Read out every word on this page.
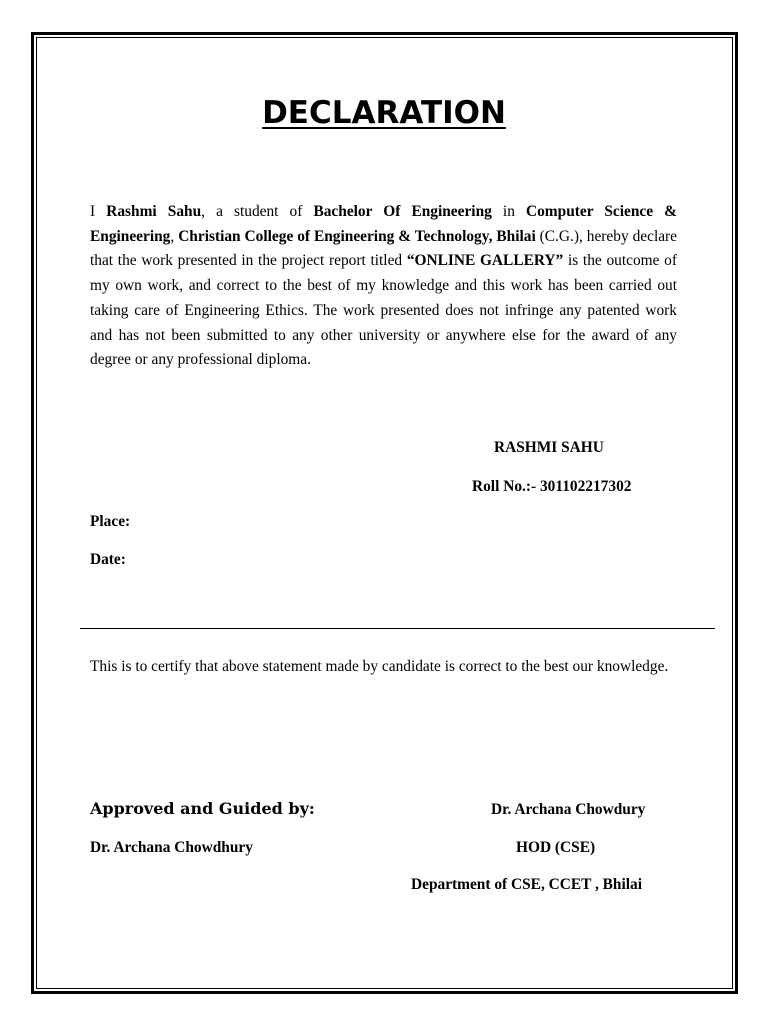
DECLARATION

I Rashmi Sahu, a student of Bachelor Of Engineering in Computer Science & Engineering, Christian College of Engineering & Technology, Bhilai (C.G.), hereby declare that the work presented in the project report titled “ONLINE GALLERY” is the outcome of my own work, and correct to the best of my knowledge and this work has been carried out taking care of Engineering Ethics. The work presented does not infringe any patented work and has not been submitted to any other university or anywhere else for the award of any degree or any professional diploma.

RASHMI SAHU

Roll No.:- 301102217302

Place:

Date:

This is to certify that above statement made by candidate is correct to the best our knowledge.

Approved and Guided by:	Dr. Archana Chowdury

Dr. Archana Chowdhury	HOD (CSE)

Department of CSE, CCET , Bhilai
